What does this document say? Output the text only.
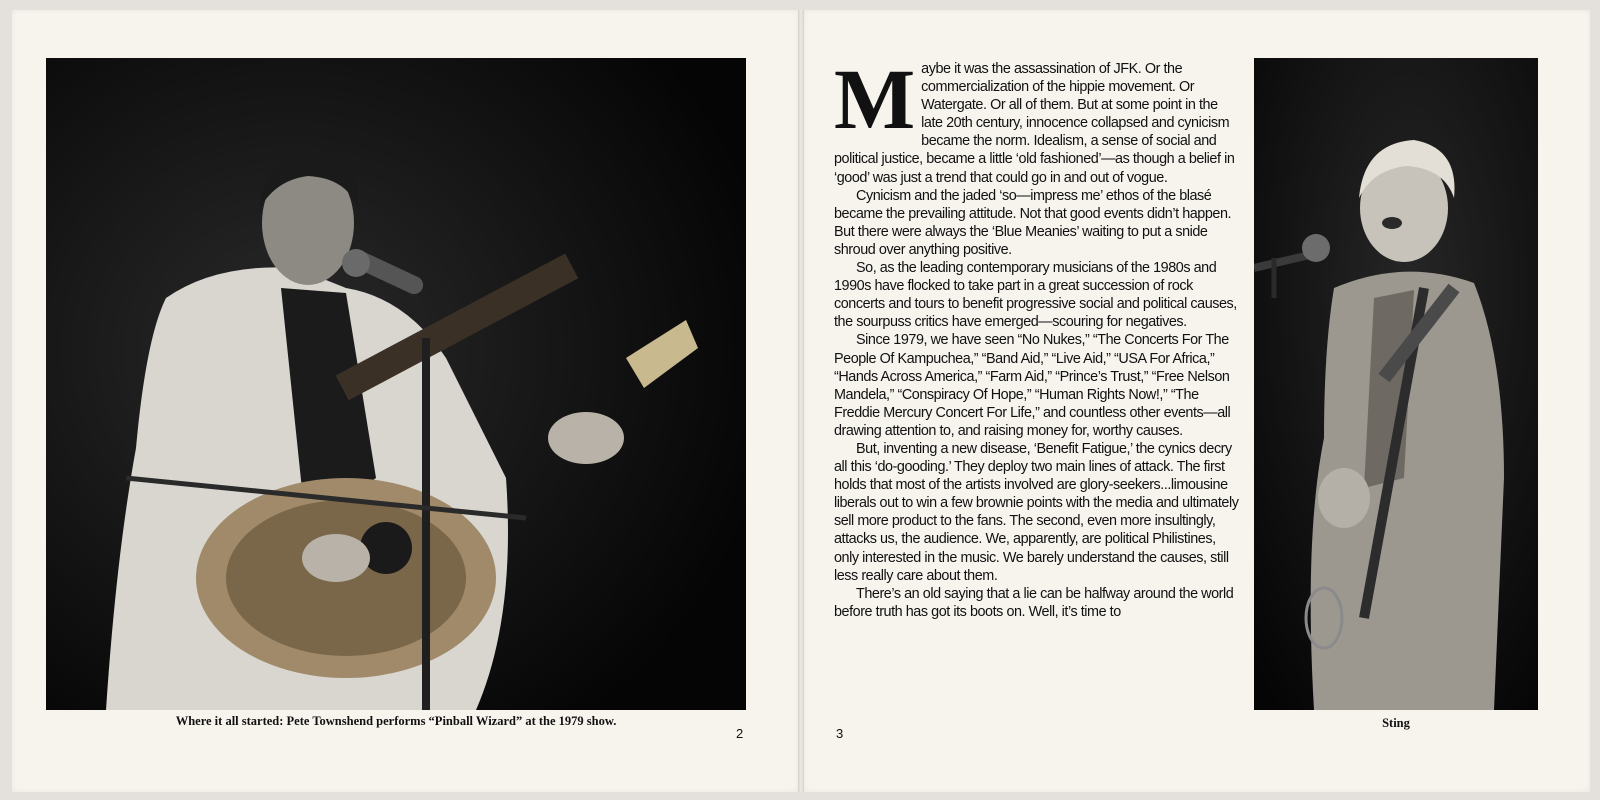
Where it all started: Pete Townshend performs “Pinball Wizard” at the 1979 show.
2

Maybe it was the assassination of JFK. Or the commercialization of the hippie movement. Or Watergate. Or all of them. But at some point in the late 20th century, innocence collapsed and cynicism became the norm. Idealism, a sense of social and political justice, became a little ‘old fashioned’—as though a belief in ‘good’ was just a trend that could go in and out of vogue.

Cynicism and the jaded ‘so—impress me’ ethos of the blasé became the prevailing attitude. Not that good events didn’t happen. But there were always the ‘Blue Meanies’ waiting to put a snide shroud over anything positive.

So, as the leading contemporary musicians of the 1980s and 1990s have flocked to take part in a great succession of rock concerts and tours to benefit progressive social and political causes, the sourpuss critics have emerged—scouring for negatives.

Since 1979, we have seen “No Nukes,” “The Concerts For The People Of Kampuchea,” “Band Aid,” “Live Aid,” “USA For Africa,” “Hands Across America,” “Farm Aid,” “Prince’s Trust,” “Free Nelson Mandela,” “Conspiracy Of Hope,” “Human Rights Now!,” “The Freddie Mercury Concert For Life,” and countless other events—all drawing attention to, and raising money for, worthy causes.

But, inventing a new disease, ‘Benefit Fatigue,’ the cynics decry all this ‘do-gooding.’ They deploy two main lines of attack. The first holds that most of the artists involved are glory-seekers...limousine liberals out to win a few brownie points with the media and ultimately sell more product to the fans. The second, even more insultingly, attacks us, the audience. We, apparently, are political Philistines, only interested in the music. We barely understand the causes, still less really care about them.

There’s an old saying that a lie can be halfway around the world before truth has got its boots on. Well, it’s time to

Sting
3
